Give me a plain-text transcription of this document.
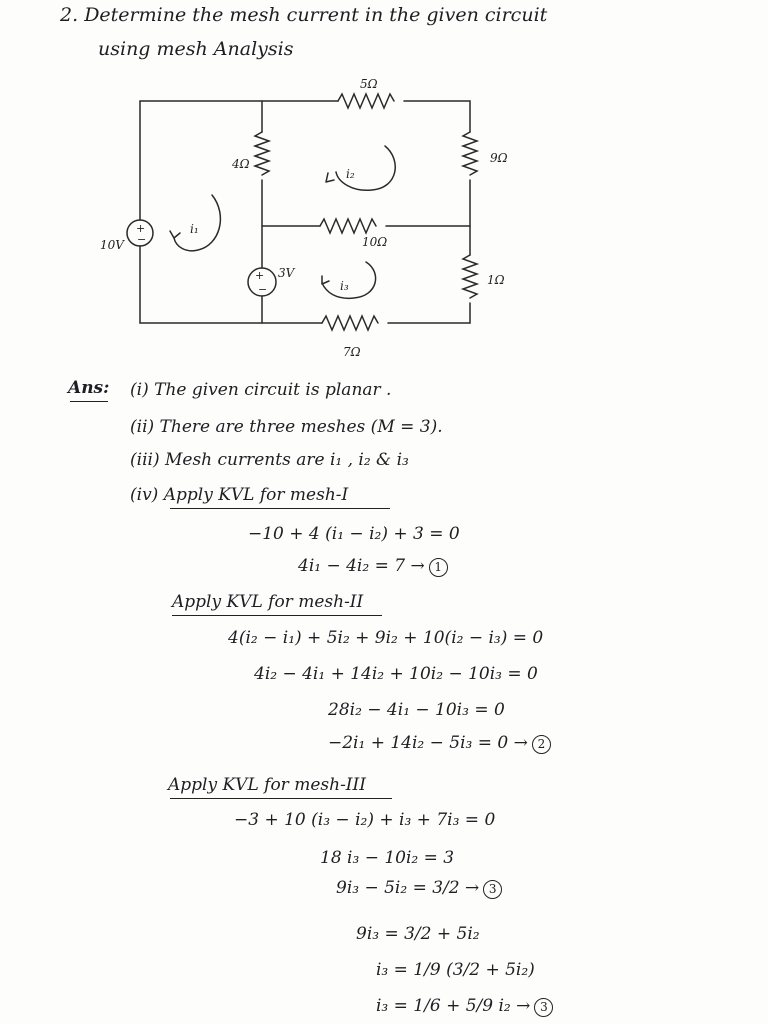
2. Determine the mesh current in the given circuit
using mesh Analysis
+
−
+
−
5Ω
4Ω	9Ω
10Ω
1Ω
7Ω
10V
3V
i₁
i₂
i₃
Ans: (i) The given circuit is planar .
(ii) There are three meshes (M = 3).
(iii) Mesh currents are i₁ , i₂ & i₃
(iv) Apply KVL for mesh-I
−10 + 4 (i₁ − i₂) + 3 = 0
4i₁ − 4i₂ = 7 → 1
Apply KVL for mesh-II
4(i₂ − i₁) + 5i₂ + 9i₂ + 10(i₂ − i₃) = 0
4i₂ − 4i₁ + 14i₂ + 10i₂ − 10i₃ = 0
28i₂ − 4i₁ − 10i₃ = 0
−2i₁ + 14i₂ − 5i₃ = 0 → 2
Apply KVL for mesh-III
−3 + 10 (i₃ − i₂) + i₃ + 7i₃ = 0
18 i₃ − 10i₂ = 3
9i₃ − 5i₂ = 3/2 → 3
9i₃ = 3/2 + 5i₂
i₃ = 1/9 (3/2 + 5i₂)
i₃ = 1/6 + 5/9 i₂ → 3
